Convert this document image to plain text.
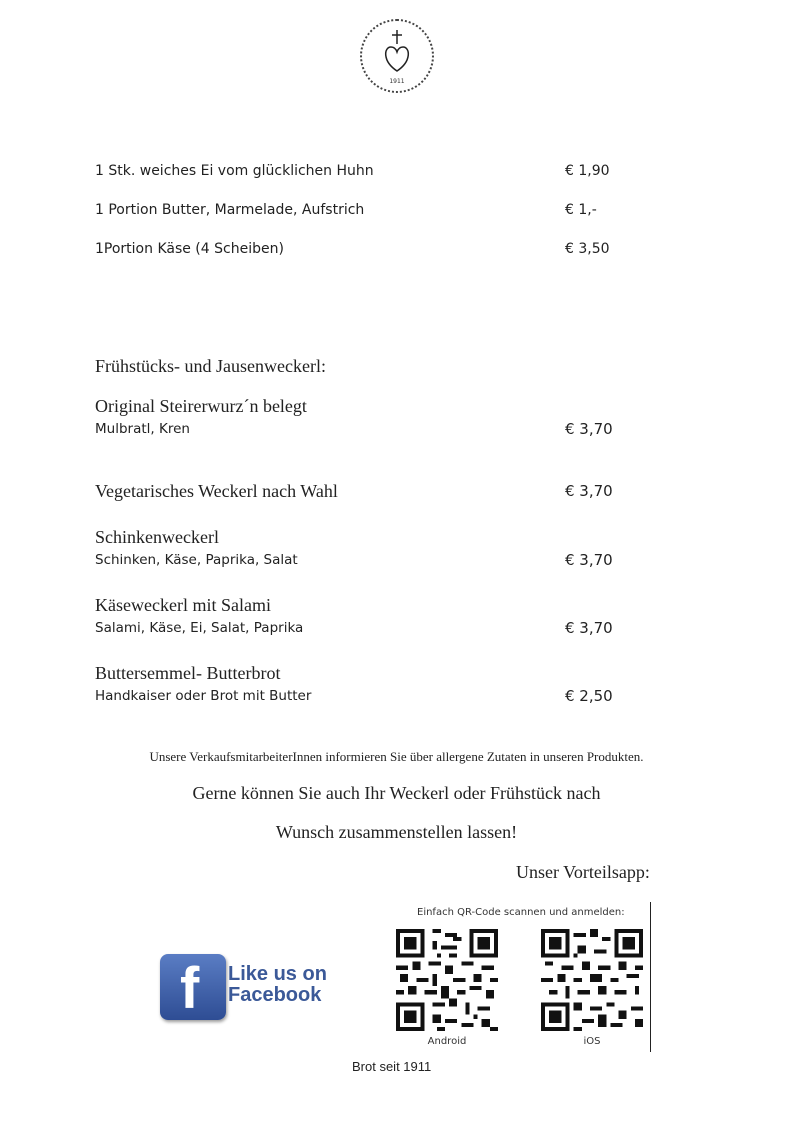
1911
1 Stk. weiches Ei vom glücklichen Huhn	€ 1,90
1 Portion Butter, Marmelade, Aufstrich	€ 1,-
1Portion Käse (4 Scheiben)	€ 3,50
Frühstücks- und Jausenweckerl:
Original Steirerwurz´n belegt
Mulbratl, Kren	€ 3,70
Vegetarisches Weckerl nach Wahl	€ 3,70
Schinkenweckerl
Schinken, Käse, Paprika, Salat	€ 3,70
Käseweckerl mit Salami
Salami, Käse, Ei, Salat, Paprika	€ 3,70
Buttersemmel- Butterbrot
Handkaiser oder Brot mit Butter	€ 2,50
Unsere VerkaufsmitarbeiterInnen informieren Sie über allergene Zutaten in unseren Produkten.
Gerne können Sie auch Ihr Weckerl oder Frühstück nach
Wunsch zusammenstellen lassen!
Unser Vorteilsapp:
f Like us on
Facebook
Einfach QR-Code scannen und anmelden:
Android	iOS
Brot seit 1911
